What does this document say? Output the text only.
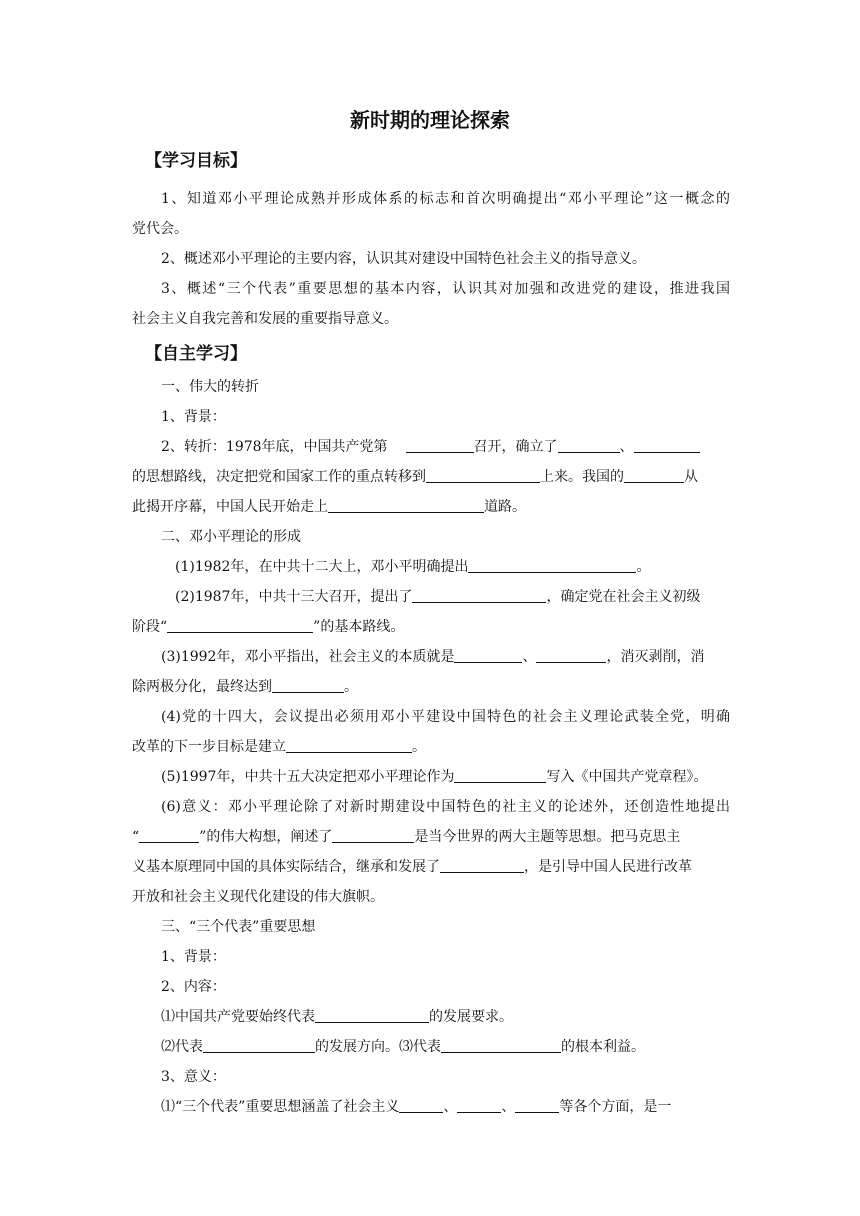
新时期的理论探索
【学习目标】
1、知道邓小平理论成熟并形成体系的标志和首次明确提出“邓小平理论”这一概念的
党代会。
2、概述邓小平理论的主要内容，认识其对建设中国特色社会主义的指导意义。
3、概述“三个代表”重要思想的基本内容，认识其对加强和改进党的建设，推进我国
社会主义自我完善和发展的重要指导意义。
【自主学习】
一、伟大的转折
1、背景：
2、转折：1978年底，中国共产党第	召开，确立了	、
的思想路线，决定把党和国家工作的重点转移到	上来。我国的	从
此揭开序幕，中国人民开始走上	道路。
二、邓小平理论的形成
(1)1982年，在中共十二大上，邓小平明确提出	。
(2)1987年，中共十三大召开，提出了	，确定党在社会主义初级
阶段“	”的基本路线。
(3)1992年，邓小平指出，社会主义的本质就是	、	，消灭剥削，消
除两极分化，最终达到	。
(4)党的十四大，会议提出必须用邓小平建设中国特色的社会主义理论武装全党，明确
改革的下一步目标是建立	。
(5)1997年，中共十五大决定把邓小平理论作为	写入《中国共产党章程》。
(6)意义：邓小平理论除了对新时期建设中国特色的社主义的论述外，还创造性地提出
“	”的伟大构想，阐述了	是当今世界的两大主题等思想。把马克思主
义基本原理同中国的具体实际结合，继承和发展了	，是引导中国人民进行改革
开放和社会主义现代化建设的伟大旗帜。
三、“三个代表”重要思想
1、背景：
2、内容：
⑴中国共产党要始终代表	的发展要求。
⑵代表	的发展方向。⑶代表	的根本利益。
3、意义：
⑴“三个代表”重要思想涵盖了社会主义	、	、	等各个方面，是一
